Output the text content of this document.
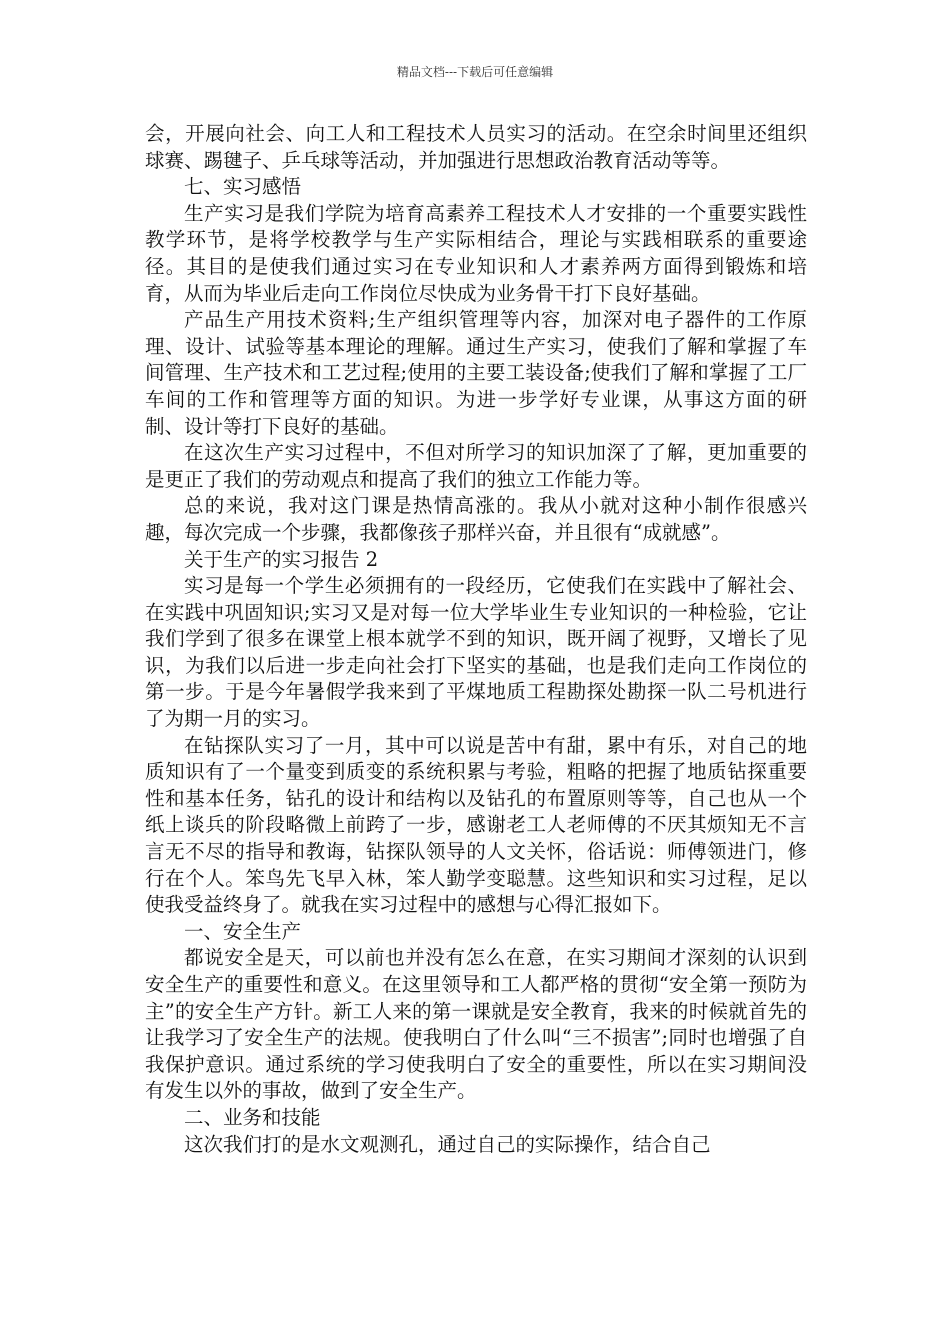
精品文档---下载后可任意编辑

会，开展向社会、向工人和工程技术人员实习的活动。在空余时间里还组织球赛、踢毽子、乒乓球等活动，并加强进行思想政治教育活动等等。

七、实习感悟

生产实习是我们学院为培育高素养工程技术人才安排的一个重要实践性教学环节，是将学校教学与生产实际相结合，理论与实践相联系的重要途径。其目的是使我们通过实习在专业知识和人才素养两方面得到锻炼和培育，从而为毕业后走向工作岗位尽快成为业务骨干打下良好基础。

产品生产用技术资料;生产组织管理等内容，加深对电子器件的工作原理、设计、试验等基本理论的理解。通过生产实习，使我们了解和掌握了车间管理、生产技术和工艺过程;使用的主要工装设备;使我们了解和掌握了工厂车间的工作和管理等方面的知识。为进一步学好专业课，从事这方面的研制、设计等打下良好的基础。

在这次生产实习过程中，不但对所学习的知识加深了了解，更加重要的是更正了我们的劳动观点和提高了我们的独立工作能力等。

总的来说，我对这门课是热情高涨的。我从小就对这种小制作很感兴趣，每次完成一个步骤，我都像孩子那样兴奋，并且很有“成就感”。

关于生产的实习报告 2

实习是每一个学生必须拥有的一段经历，它使我们在实践中了解社会、在实践中巩固知识;实习又是对每一位大学毕业生专业知识的一种检验，它让我们学到了很多在课堂上根本就学不到的知识，既开阔了视野，又增长了见识，为我们以后进一步走向社会打下坚实的基础，也是我们走向工作岗位的第一步。于是今年暑假学我来到了平煤地质工程勘探处勘探一队二号机进行了为期一月的实习。

在钻探队实习了一月，其中可以说是苦中有甜，累中有乐，对自己的地质知识有了一个量变到质变的系统积累与考验，粗略的把握了地质钻探重要性和基本任务，钻孔的设计和结构以及钻孔的布置原则等等，自己也从一个纸上谈兵的阶段略微上前跨了一步，感谢老工人老师傅的不厌其烦知无不言言无不尽的指导和教诲，钻探队领导的人文关怀，俗话说：师傅领进门，修行在个人。笨鸟先飞早入林，笨人勤学变聪慧。这些知识和实习过程，足以使我受益终身了。就我在实习过程中的感想与心得汇报如下。

一、安全生产

都说安全是天，可以前也并没有怎么在意，在实习期间才深刻的认识到安全生产的重要性和意义。在这里领导和工人都严格的贯彻“安全第一预防为主”的安全生产方针。新工人来的第一课就是安全教育，我来的时候就首先的让我学习了安全生产的法规。使我明白了什么叫“三不损害”;同时也增强了自我保护意识。通过系统的学习使我明白了安全的重要性，所以在实习期间没有发生以外的事故，做到了安全生产。

二、业务和技能

这次我们打的是水文观测孔，通过自己的实际操作，结合自己
